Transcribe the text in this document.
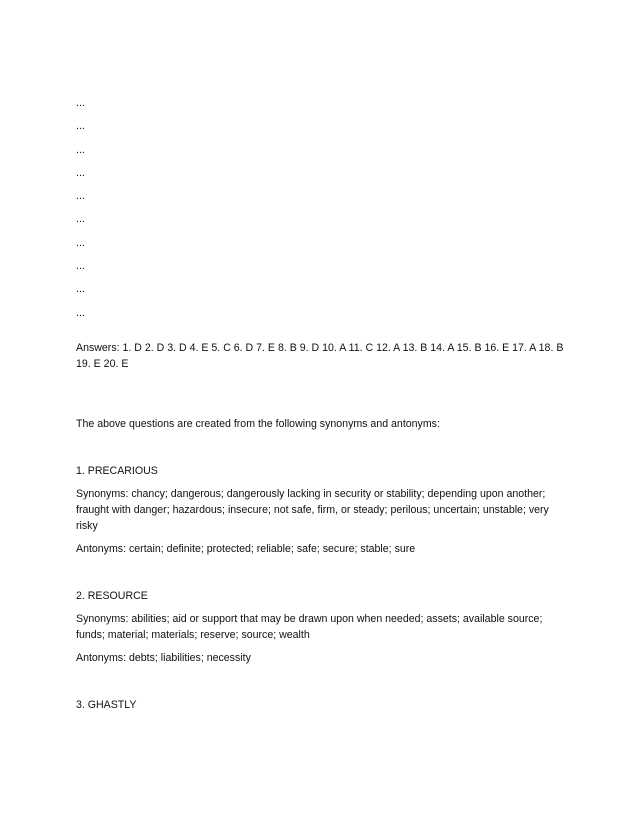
...
...
...
...
...
...
...
...
...
...

Answers: 1. D 2. D 3. D 4. E 5. C 6. D 7. E 8. B 9. D 10. A 11. C 12. A 13. B 14. A 15. B 16. E 17. A 18. B 19. E 20. E

The above questions are created from the following synonyms and antonyms:

1. PRECARIOUS

Synonyms: chancy; dangerous; dangerously lacking in security or stability; depending upon another; fraught with danger; hazardous; insecure; not safe, firm, or steady; perilous; uncertain; unstable; very risky

Antonyms: certain; definite; protected; reliable; safe; secure; stable; sure

2. RESOURCE

Synonyms: abilities; aid or support that may be drawn upon when needed; assets; available source; funds; material; materials; reserve; source; wealth

Antonyms: debts; liabilities; necessity

3. GHASTLY
